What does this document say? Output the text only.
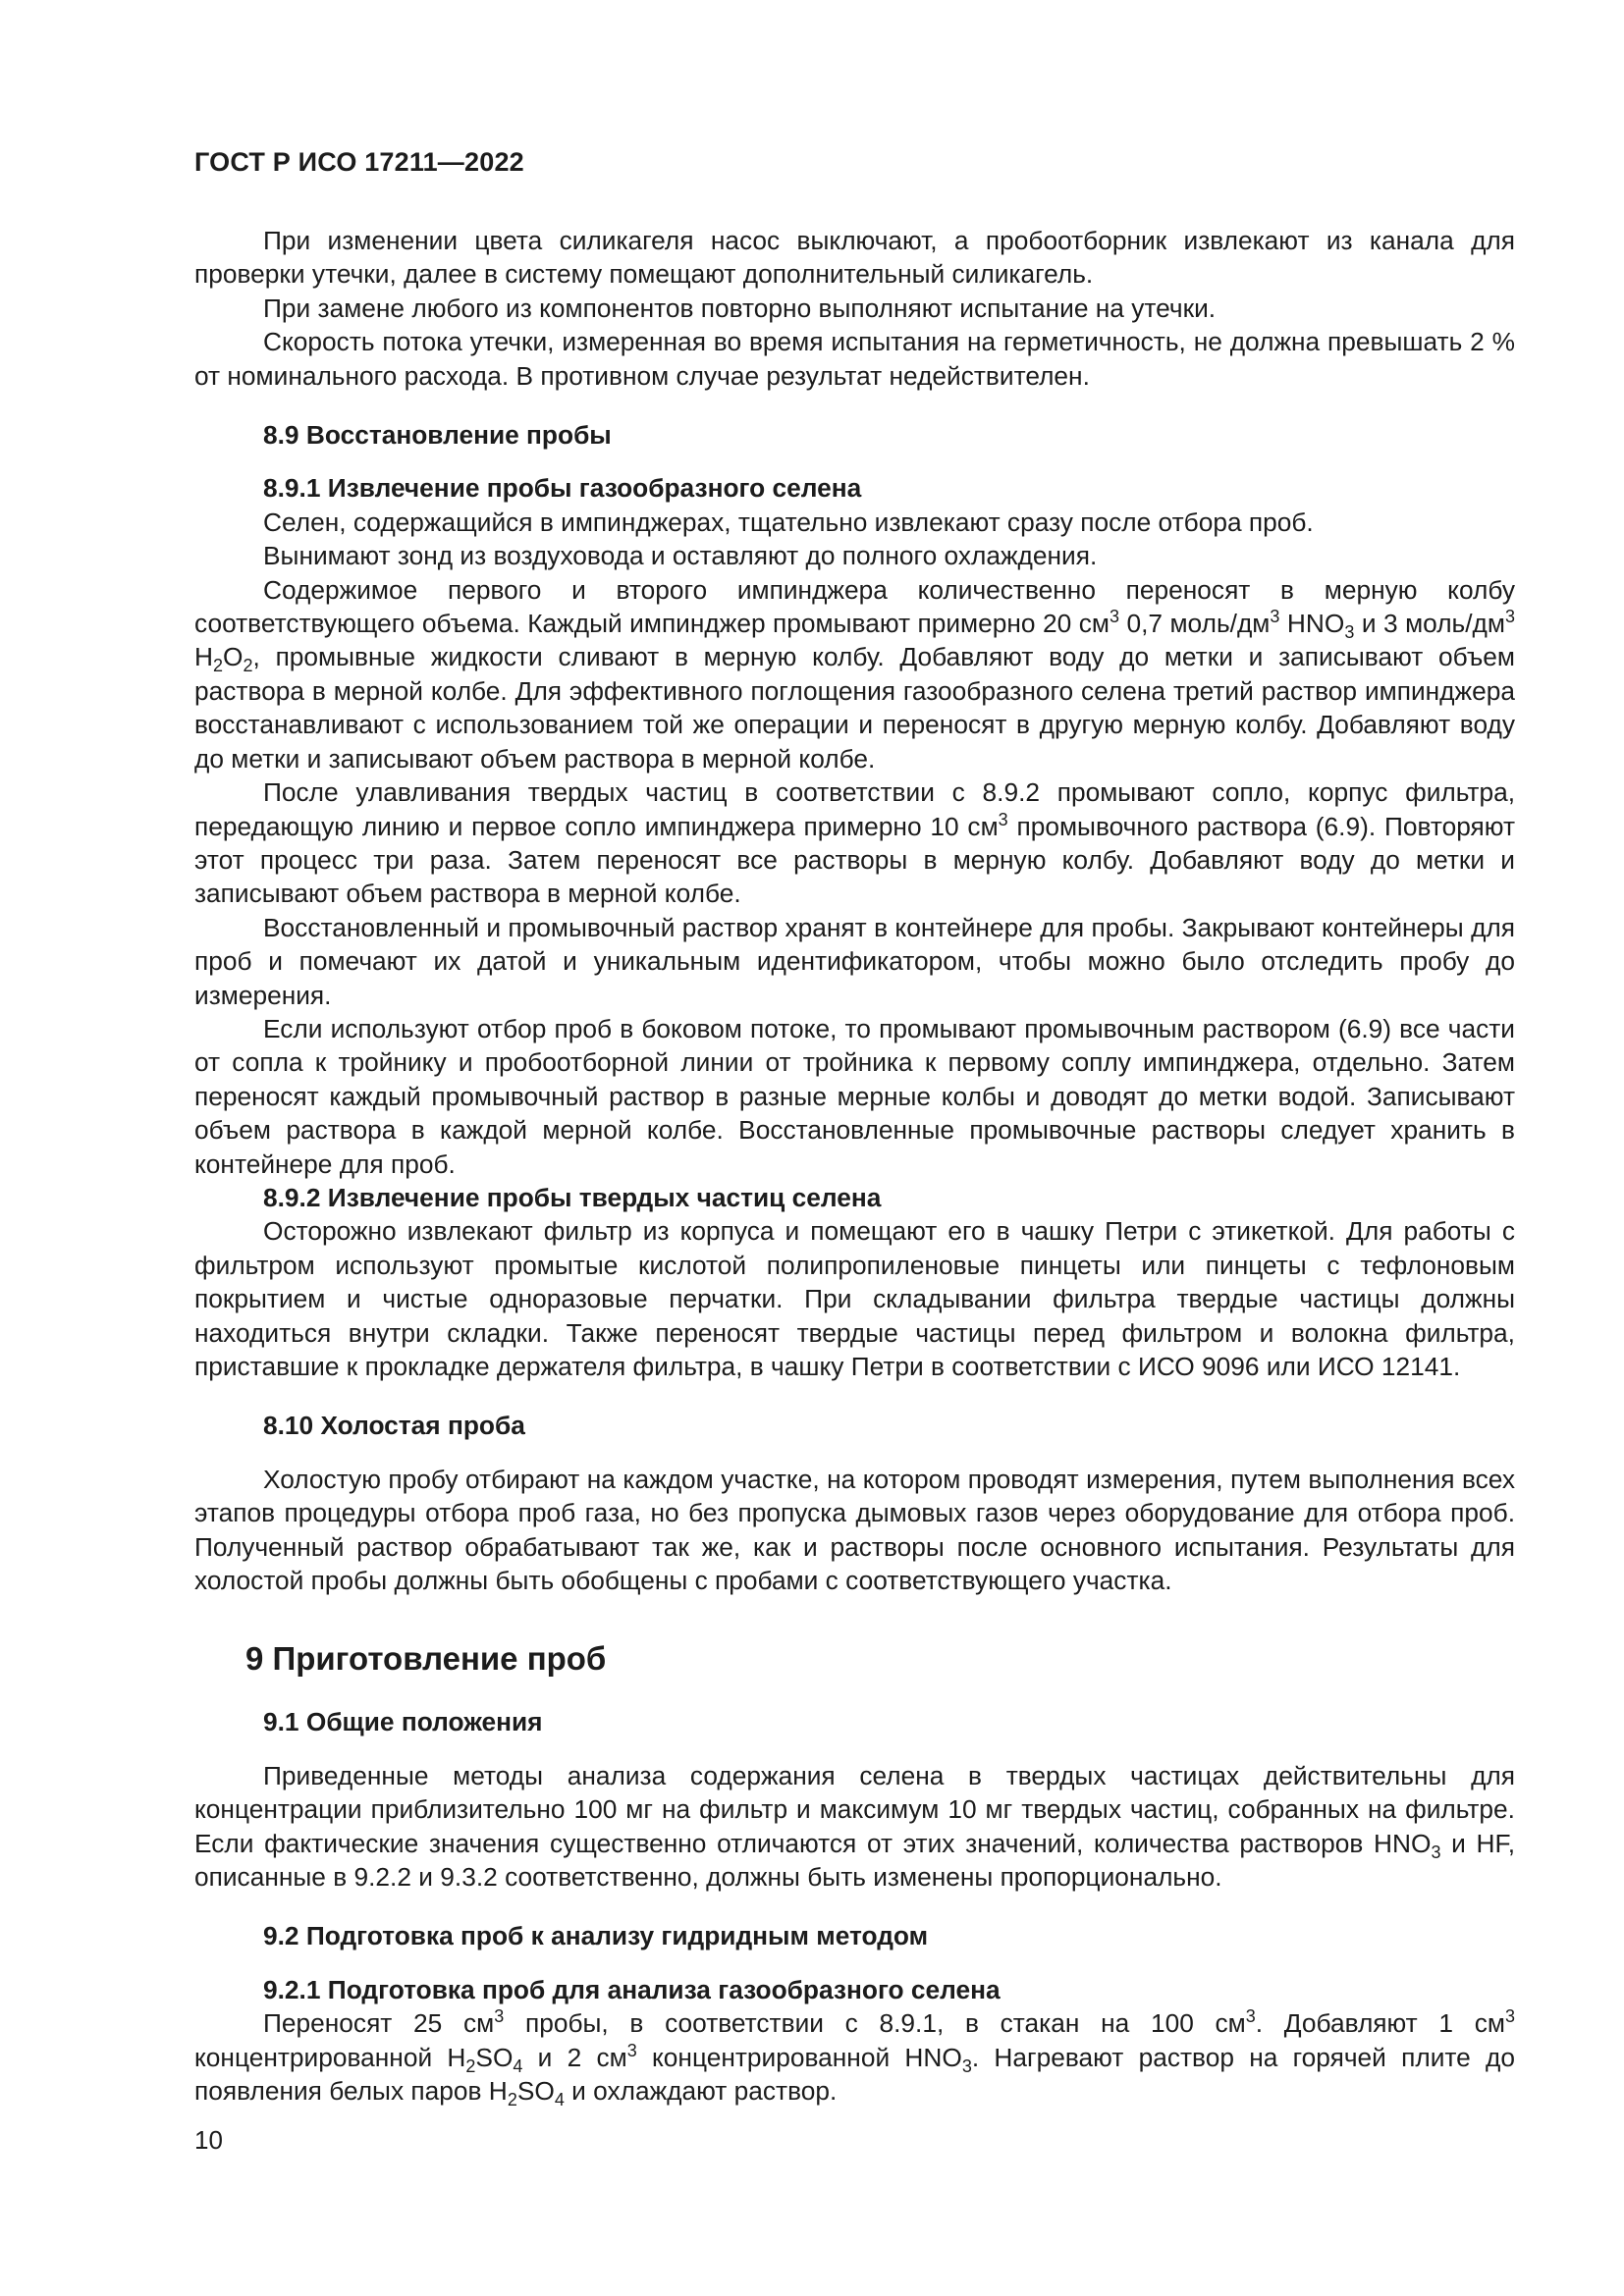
ГОСТ Р ИСО 17211—2022

При изменении цвета силикагеля насос выключают, а пробоотборник извлекают из канала для проверки утечки, далее в систему помещают дополнительный силикагель.

При замене любого из компонентов повторно выполняют испытание на утечки.

Скорость потока утечки, измеренная во время испытания на герметичность, не должна превышать 2 % от номинального расхода. В противном случае результат недействителен.

8.9 Восстановление пробы

8.9.1 Извлечение пробы газообразного селена

Селен, содержащийся в импинджерах, тщательно извлекают сразу после отбора проб.

Вынимают зонд из воздуховода и оставляют до полного охлаждения.

Содержимое первого и второго импинджера количественно переносят в мерную колбу соответствующего объема. Каждый импинджер промывают примерно 20 $см^3$ 0,7 моль/$дм^3$ $HNO_3$ и 3 моль/$дм^3$ $H_2O_2$, промывные жидкости сливают в мерную колбу. Добавляют воду до метки и записывают объем раствора в мерной колбе. Для эффективного поглощения газообразного селена третий раствор импинджера восстанавливают с использованием той же операции и переносят в другую мерную колбу. Добавляют воду до метки и записывают объем раствора в мерной колбе.

После улавливания твердых частиц в соответствии с 8.9.2 промывают сопло, корпус фильтра, передающую линию и первое сопло импинджера примерно 10 $см^3$ промывочного раствора (6.9). Повторяют этот процесс три раза. Затем переносят все растворы в мерную колбу. Добавляют воду до метки и записывают объем раствора в мерной колбе.

Восстановленный и промывочный раствор хранят в контейнере для пробы. Закрывают контейнеры для проб и помечают их датой и уникальным идентификатором, чтобы можно было отследить пробу до измерения.

Если используют отбор проб в боковом потоке, то промывают промывочным раствором (6.9) все части от сопла к тройнику и пробоотборной линии от тройника к первому соплу импинджера, отдельно. Затем переносят каждый промывочный раствор в разные мерные колбы и доводят до метки водой. Записывают объем раствора в каждой мерной колбе. Восстановленные промывочные растворы следует хранить в контейнере для проб.

8.9.2 Извлечение пробы твердых частиц селена

Осторожно извлекают фильтр из корпуса и помещают его в чашку Петри с этикеткой. Для работы с фильтром используют промытые кислотой полипропиленовые пинцеты или пинцеты с тефлоновым покрытием и чистые одноразовые перчатки. При складывании фильтра твердые частицы должны находиться внутри складки. Также переносят твердые частицы перед фильтром и волокна фильтра, приставшие к прокладке держателя фильтра, в чашку Петри в соответствии с ИСО 9096 или ИСО 12141.

8.10 Холостая проба

Холостую пробу отбирают на каждом участке, на котором проводят измерения, путем выполнения всех этапов процедуры отбора проб газа, но без пропуска дымовых газов через оборудование для отбора проб. Полученный раствор обрабатывают так же, как и растворы после основного испытания. Результаты для холостой пробы должны быть обобщены с пробами с соответствующего участка.

9 Приготовление проб

9.1 Общие положения

Приведенные методы анализа содержания селена в твердых частицах действительны для концентрации приблизительно 100 мг на фильтр и максимум 10 мг твердых частиц, собранных на фильтре. Если фактические значения существенно отличаются от этих значений, количества растворов $HNO_3$ и HF, описанные в 9.2.2 и 9.3.2 соответственно, должны быть изменены пропорционально.

9.2 Подготовка проб к анализу гидридным методом

9.2.1 Подготовка проб для анализа газообразного селена

Переносят 25 $см^3$ пробы, в соответствии с 8.9.1, в стакан на 100 $см^3$. Добавляют 1 $см^3$ концентрированной $H_2SO_4$ и 2 $см^3$ концентрированной $HNO_3$. Нагревают раствор на горячей плите до появления белых паров $H_2SO_4$ и охлаждают раствор.

10
